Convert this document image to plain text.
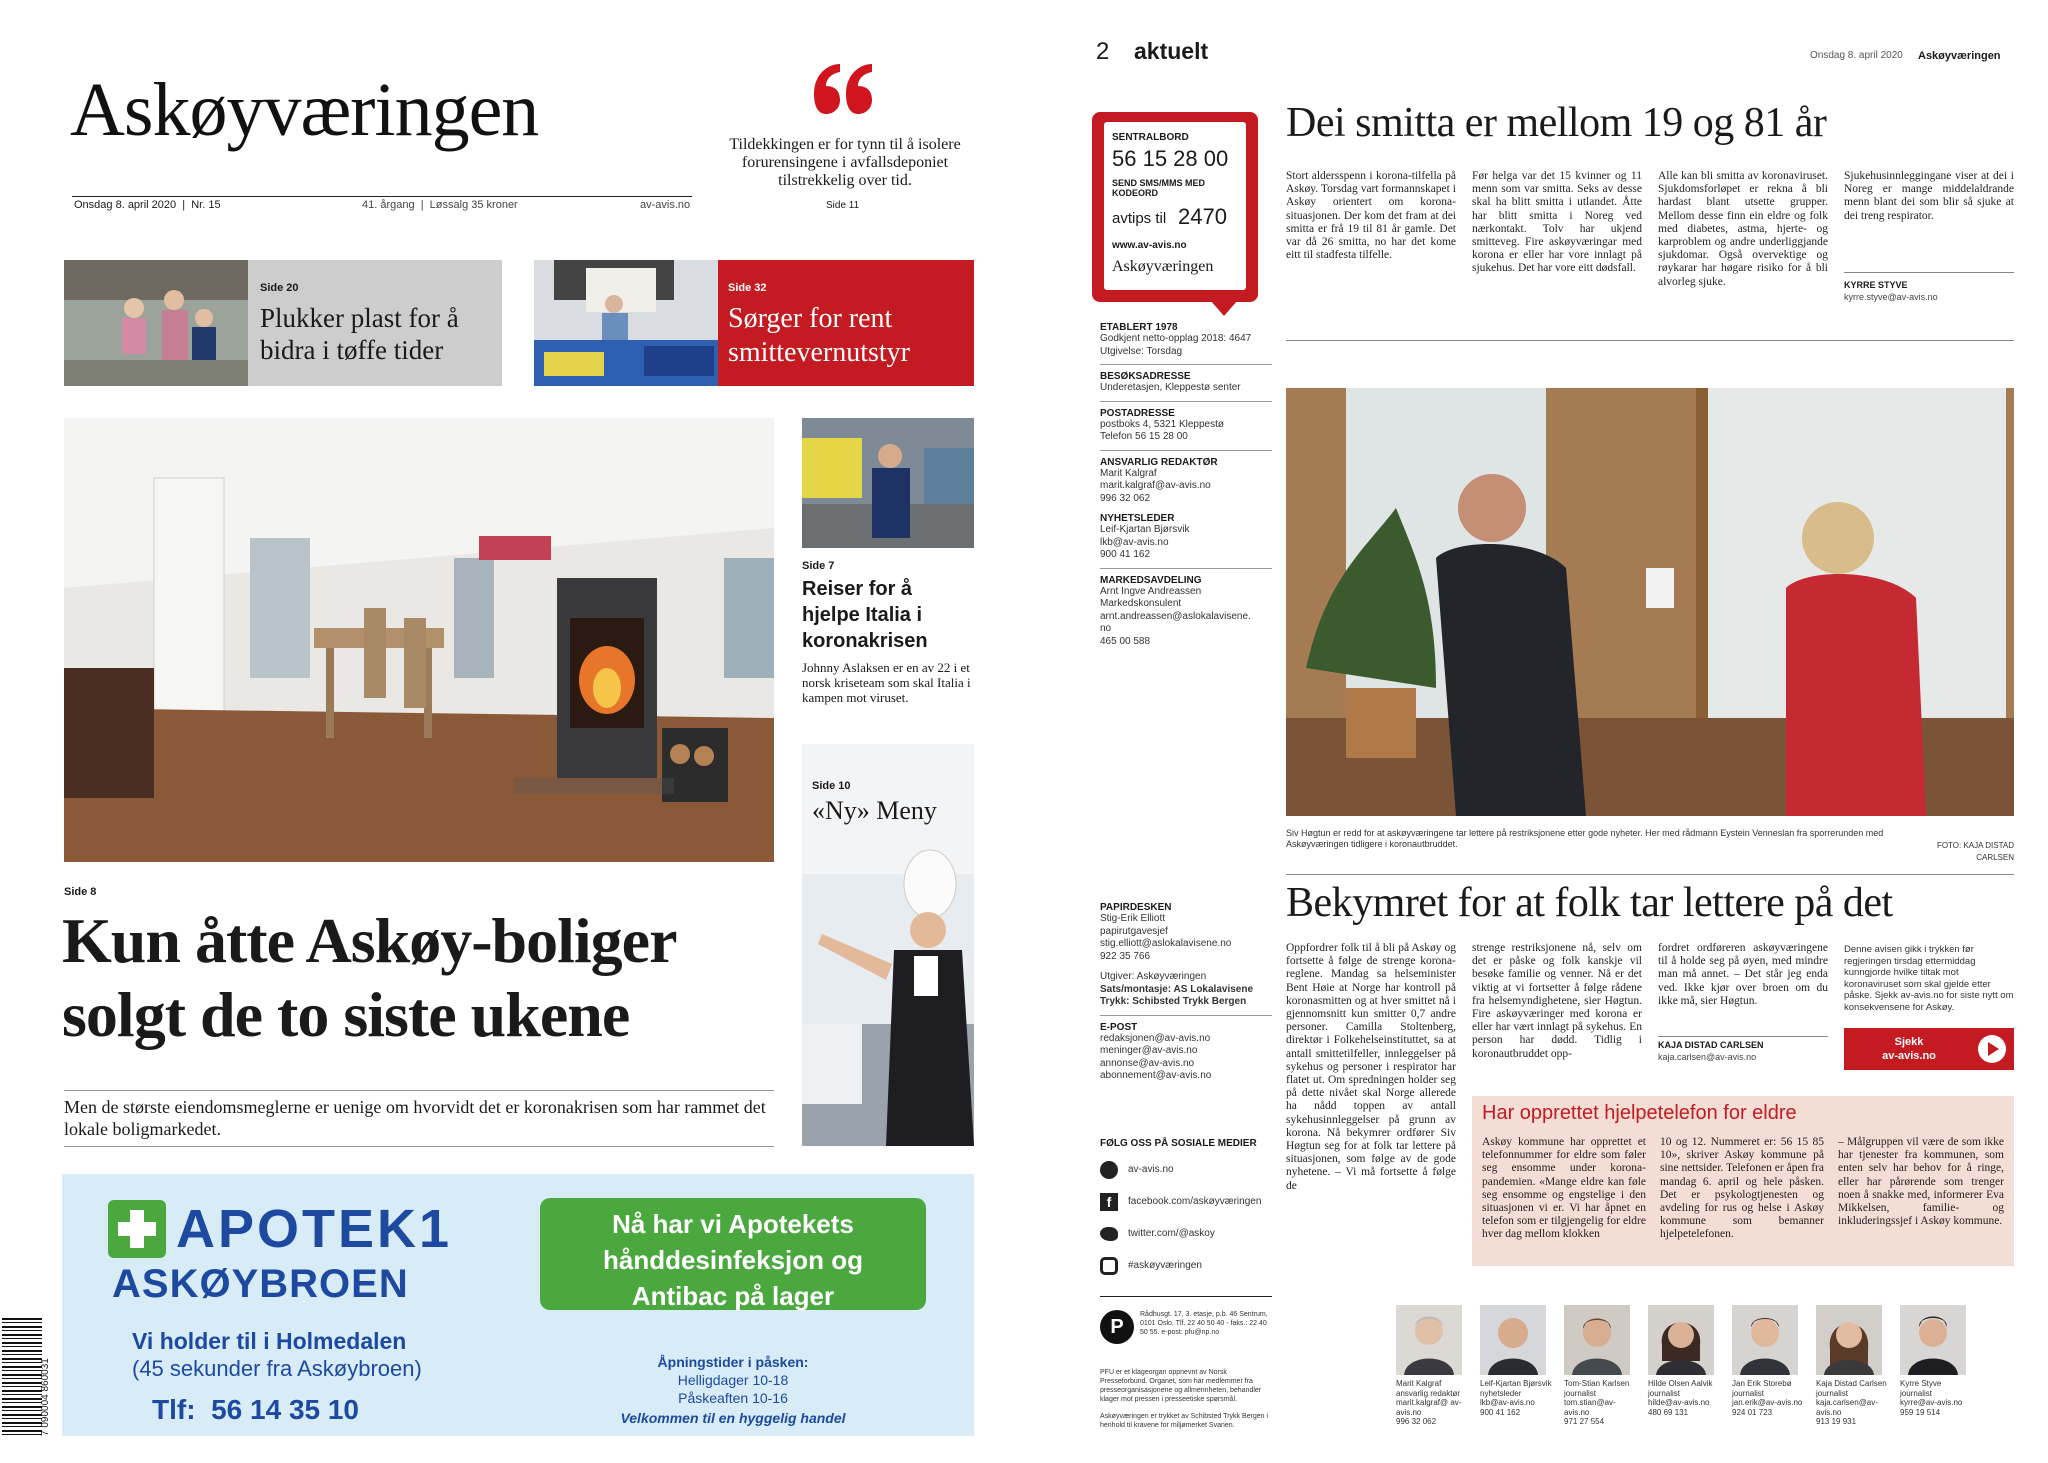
Askøyværingen
Onsdag 8. april 2020  |  Nr. 15	41. årgang  |  Løssalg 35 kroner	av-avis.no
Tildekkingen er for tynn til å isolere forurensingene i avfallsdeponiet tilstrekkelig over tid.
Side 11
Side 20
Plukker plast for å bidra i tøffe tider
Side 32
Sørger for rent smittevernutstyr
Side 8
Kun åtte Askøy-boliger solgt de to siste ukene
Men de største eiendomsmeglerne er uenige om hvorvidt det er koronakrisen som har rammet det lokale boligmarkedet.
Side 7
Reiser for å hjelpe Italia i koronakrisen
Johnny Aslaksen er en av 22 i et norsk kriseteam som skal Italia i kampen mot viruset.
Side 10
«Ny» Meny
APOTEK1
ASKØYBROEN
Vi holder til i Holmedalen
(45 sekunder fra Askøybroen)
Tlf:  56 14 35 10
Nå har vi Apotekets hånddesinfeksjon og Antibac på lager
Åpningstider i påsken:
Helligdager 10-18
Påskeaften 10-16
Velkommen til en hyggelig handel
7 090004 860031
2 aktuelt	Onsdag 8. april 2020 Askøyværingen
SENTRALBORD
56 15 28 00
SEND SMS/MMS MED KODEORD
avtips til 2470
www.av-avis.no
Askøyværingen
ETABLERT 1978
Godkjent netto-opplag 2018: 4647
Utgivelse: Torsdag
BESØKSADRESSE
Underetasjen, Kleppestø senter
POSTADRESSE
postboks 4, 5321 Kleppestø
Telefon 56 15 28 00
ANSVARLIG REDAKTØR
Marit Kalgraf
marit.kalgraf@av-avis.no
996 32 062
NYHETSLEDER
Leif-Kjartan Bjørsvik
lkb@av-avis.no
900 41 162
MARKEDSAVDELING
Arnt Ingve Andreassen
Markedskonsulent
arnt.andreassen@aslokalavisene.
no
465 00 588
PAPIRDESKEN
Stig-Erik Elliott
papirutgavesjef
stig.elliott@aslokalavisene.no
922 35 766
Utgiver: Askøyværingen
Sats/montasje: AS Lokalavisene
Trykk: Schibsted Trykk Bergen
E-POST
redaksjonen@av-avis.no
meninger@av-avis.no
annonse@av-avis.no
abonnement@av-avis.no
FØLG OSS PÅ SOSIALE MEDIER
av-avis.no
f	facebook.com/askøyværingen
twitter.com/@askoy
#askøyværingen
P
Rådhusgt. 17, 3. etasje, p.b. 46 Sentrum, 0101 Oslo. Tlf. 22 40 50 40 - faks.: 22 40 50 55. e-post: pfu@np.no
PFU er et klageorgan oppnevnt av Norsk Presseforbund. Organet, som har medlemmer fra presseorganisasjonene og allmennheten, behandler klager mot pressen i presseetiske spørsmål.
Askøyværingen er trykket av Schibsted Trykk Bergen i henhold til kravene for miljømerket Svanen.
Dei smitta er mellom 19 og 81 år
Stort aldersspenn i korona-tilfella på Askøy. Torsdag vart formannskapet i Askøy orientert om korona-situasjonen. Der kom det fram at dei smitta er frå 19 til 81 år gamle. Det var då 26 smitta, no har det kome eitt til stadfesta tilfelle.
Før helga var det 15 kvinner og 11 menn som var smitta. Seks av desse skal ha blitt smitta i utlandet. Åtte har blitt smitta i Noreg ved nærkontakt. Tolv har ukjend smitteveg. Fire askøyværingar med korona er eller har vore innlagt på sjukehus. Det har vore eitt dødsfall.
Alle kan bli smitta av koronaviruset. Sjukdomsforløpet er rekna å bli hardast blant utsette grupper. Mellom desse finn ein eldre og folk med diabetes, astma, hjerte- og karproblem og andre underliggjande sjukdomar. Også overvektige og røykarar har høgare risiko for å bli alvorleg sjuke.
Sjukehusinnleggingane viser at dei i Noreg er mange middelaldrande menn blant dei som blir så sjuke at dei treng respirator.
KYRRE STYVE
kyrre.styve@av-avis.no
Siv Høgtun er redd for at askøyværingene tar lettere på restriksjonene etter gode nyheter. Her med rådmann Eystein Venneslan fra sporrerunden med Askøyværingen tidligere i koronautbruddet.	FOTO: KAJA DISTAD CARLSEN
Bekymret for at folk tar lettere på det
Oppfordrer folk til å bli på Askøy og fortsette å følge de strenge korona-reglene. Mandag sa helseminister Bent Høie at Norge har kontroll på koronasmitten og at hver smittet nå i gjennomsnitt kun smitter 0,7 andre personer. Camilla Stoltenberg, direktør i Folkehelseinstituttet, sa at antall smittetilfeller, innleggelser på sykehus og personer i respirator har flatet ut. Om spredningen holder seg på dette nivået skal Norge allerede ha nådd toppen av antall sykehusinnleggelser på grunn av korona. Nå bekymrer ordfører Siv Høgtun seg for at folk tar lettere på situasjonen, som følge av de gode nyhetene. – Vi må fortsette å følge de
strenge restriksjonene nå, selv om det er påske og folk kanskje vil besøke familie og venner. Nå er det viktig at vi fortsetter å følge rådene fra helsemyndighetene, sier Høgtun. Fire askøyværinger med korona er eller har vært innlagt på sykehus. En person har dødd. Tidlig i koronautbruddet opp-
fordret ordføreren askøyværingene til å holde seg på øyen, med mindre man må annet. – Det står jeg enda ved. Ikke kjør over broen om du ikke må, sier Høgtun.
KAJA DISTAD CARLSEN
kaja.carlsen@av-avis.no
Denne avisen gikk i trykken før regjeringen tirsdag ettermiddag kunngjorde hvilke tiltak mot koronaviruset som skal gjelde etter påske. Sjekk av-avis.no for siste nytt om konsekvensene for Askøy.
Sjekk
av-avis.no
Har opprettet hjelpetelefon for eldre
Askøy kommune har opprettet et telefonnummer for eldre som føler seg ensomme under korona-pandemien. «Mange eldre kan føle seg ensomme og engstelige i den situasjonen vi er. Vi har åpnet en telefon som er tilgjengelig for eldre hver dag mellom klokken
10 og 12. Nummeret er: 56 15 85 10», skriver Askøy kommune på sine nettsider. Telefonen er åpen fra mandag 6. april og hele påsken. Det er psykologtjenesten og avdeling for rus og helse i Askøy kommune som bemanner hjelpetelefonen.
– Målgruppen vil være de som ikke har tjenester fra kommunen, som enten selv har behov for å ringe, eller har pårørende som trenger noen å snakke med, informerer Eva Mikkelsen, familie- og inkluderingssjef i Askøy kommune.
Marit Kalgraf
ansvarlig redaktør
marit.kalgraf@ av-avis.no
996 32 062
Leif-Kjartan Bjørsvik
nyhetsleder
lkb@av-avis.no
900 41 162
Tom-Stian Karlsen
journalist
tom.stian@av-avis.no
971 27 554
Hilde Olsen Aalvik
journalist
hilde@av-avis.no
480 69 131
Jan Erik Storebø
journalist
jan.erik@av-avis.no
924 01 723
Kaja Distad Carlsen
journalist
kaja.carlsen@av-avis.no
913 19 931
Kyrre Styve
journalist
kyrre@av-avis.no
959 19 514
